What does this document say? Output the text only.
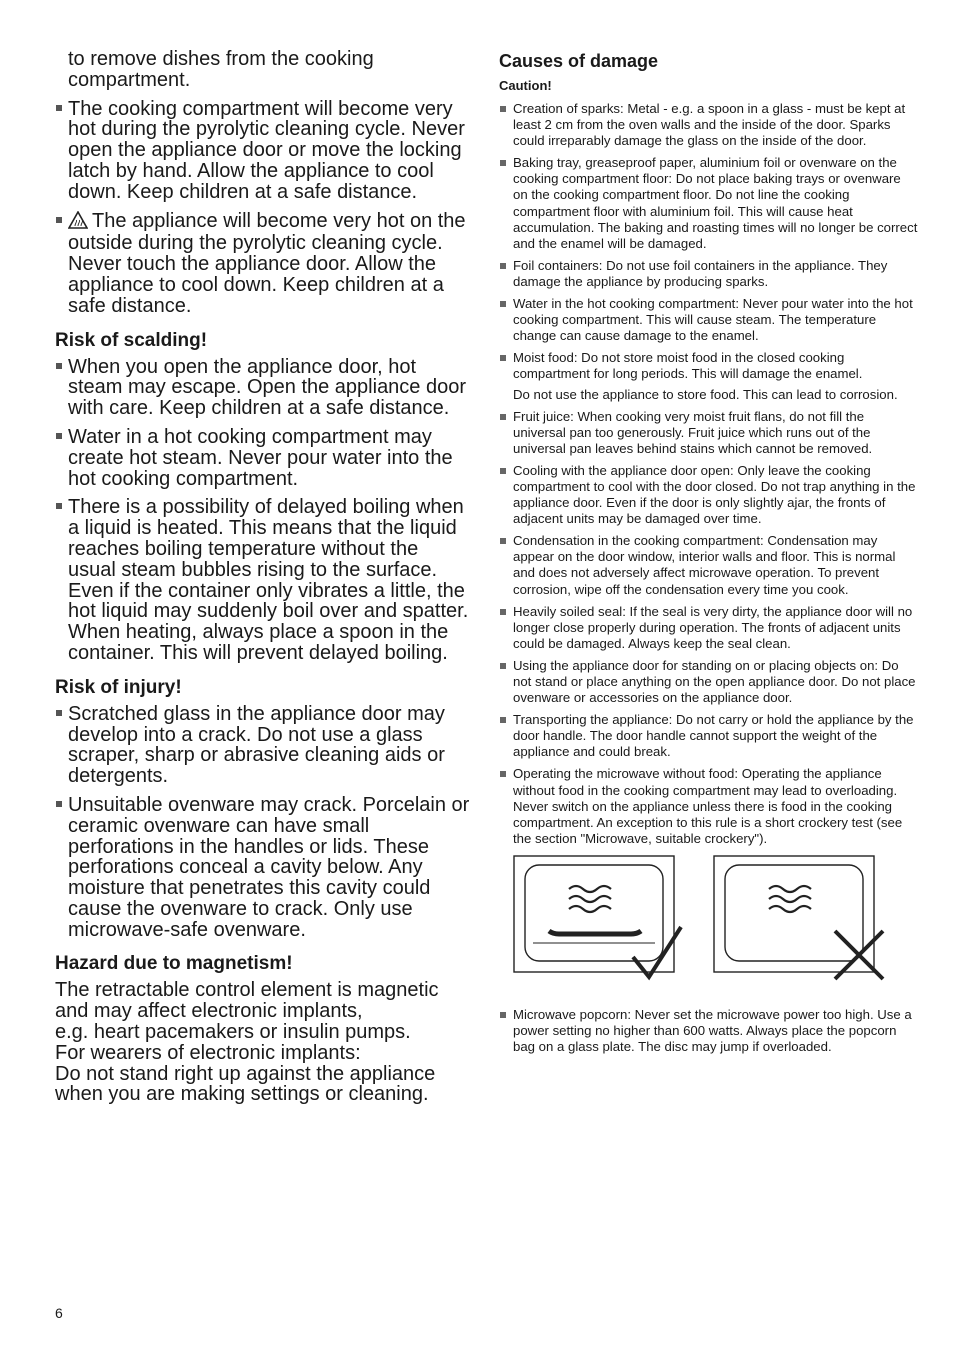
to remove dishes from the cooking compartment.

The cooking compartment will become very hot during the pyrolytic cleaning cycle. Never open the appliance door or move the locking latch by hand. Allow the appliance to cool down. Keep children at a safe distance.
The appliance will become very hot on the outside during the pyrolytic cleaning cycle. Never touch the appliance door. Allow the appliance to cool down. Keep children at a safe distance.
Risk of scalding!
When you open the appliance door, hot steam may escape. Open the appliance door with care. Keep children at a safe distance.
Water in a hot cooking compartment may create hot steam. Never pour water into the hot cooking compartment.
There is a possibility of delayed boiling when a liquid is heated. This means that the liquid reaches boiling temperature without the usual steam bubbles rising to the surface. Even if the container only vibrates a little, the hot liquid may suddenly boil over and spatter. When heating, always place a spoon in the container. This will prevent delayed boiling.
Risk of injury!
Scratched glass in the appliance door may develop into a crack. Do not use a glass scraper, sharp or abrasive cleaning aids or detergents.
Unsuitable ovenware may crack. Porcelain or ceramic ovenware can have small perforations in the handles or lids. These perforations conceal a cavity below. Any moisture that penetrates this cavity could cause the ovenware to crack. Only use microwave-safe ovenware.
Hazard due to magnetism!
The retractable control element is magnetic
and may affect electronic implants,
e.g. heart pacemakers or insulin pumps.
For wearers of electronic implants:
Do not stand right up against the appliance
when you are making settings or cleaning.
Causes of damage
Caution!
Creation of sparks: Metal - e.g. a spoon in a glass - must be kept at least 2 cm from the oven walls and the inside of the door. Sparks could irreparably damage the glass on the inside of the door.
Baking tray, greaseproof paper, aluminium foil or ovenware on the cooking compartment floor: Do not place baking trays or ovenware on the cooking compartment floor. Do not line the cooking compartment floor with aluminium foil. This will cause heat accumulation. The baking and roasting times will no longer be correct and the enamel will be damaged.
Foil containers: Do not use foil containers in the appliance. They damage the appliance by producing sparks.
Water in the hot cooking compartment: Never pour water into the hot cooking compartment. This will cause steam. The temperature change can cause damage to the enamel.
Moist food: Do not store moist food in the closed cooking compartment for long periods. This will damage the enamel.
Do not use the appliance to store food. This can lead to corrosion.
Fruit juice: When cooking very moist fruit flans, do not fill the universal pan too generously. Fruit juice which runs out of the universal pan leaves behind stains which cannot be removed.
Cooling with the appliance door open: Only leave the cooking compartment to cool with the door closed. Do not trap anything in the appliance door. Even if the door is only slightly ajar, the fronts of adjacent units may be damaged over time.
Condensation in the cooking compartment: Condensation may appear on the door window, interior walls and floor. This is normal and does not adversely affect microwave operation. To prevent corrosion, wipe off the condensation every time you cook.
Heavily soiled seal: If the seal is very dirty, the appliance door will no longer close properly during operation. The fronts of adjacent units could be damaged. Always keep the seal clean.
Using the appliance door for standing on or placing objects on: Do not stand or place anything on the open appliance door. Do not place ovenware or accessories on the appliance door.
Transporting the appliance: Do not carry or hold the appliance by the door handle. The door handle cannot support the weight of the appliance and could break.
Operating the microwave without food: Operating the appliance without food in the cooking compartment may lead to overloading. Never switch on the appliance unless there is food in the cooking compartment. An exception to this rule is a short crockery test (see the section "Microwave, suitable crockery").
Microwave popcorn: Never set the microwave power too high. Use a power setting no higher than 600 watts. Always place the popcorn bag on a glass plate. The disc may jump if overloaded.
6
